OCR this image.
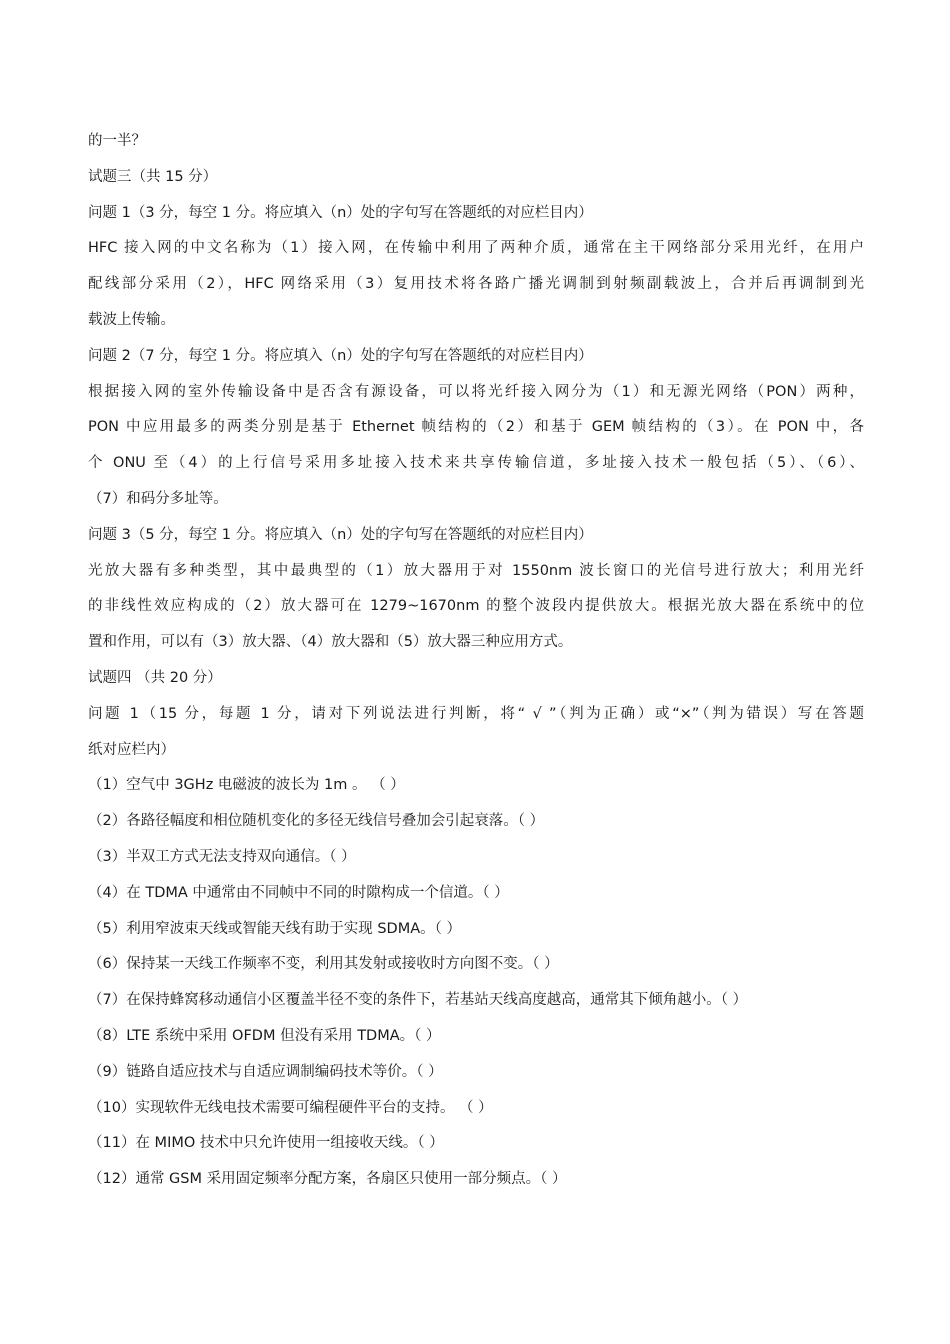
的一半？
试题三（共 15 分）
问题 1（3 分，每空 1 分。将应填入（n）处的字句写在答题纸的对应栏目内）
HFC 接入网的中文名称为（1）接入网，在传输中利用了两种介质，通常在主干网络部分采用光纤，在用户
配线部分采用（2），HFC 网络采用（3）复用技术将各路广播光调制到射频副载波上，合并后再调制到光
载波上传输。
问题 2（7 分，每空 1 分。将应填入（n）处的字句写在答题纸的对应栏目内）
根据接入网的室外传输设备中是否含有源设备，可以将光纤接入网分为（1）和无源光网络（PON）两种，
PON 中应用最多的两类分别是基于 Ethernet 帧结构的（2）和基于 GEM 帧结构的（3）。在 PON 中，各
个 ONU 至（4）的上行信号采用多址接入技术来共享传输信道，多址接入技术一般包括（5）、（6）、
（7）和码分多址等。
问题 3（5 分，每空 1 分。将应填入（n）处的字句写在答题纸的对应栏目内）
光放大器有多种类型，其中最典型的（1）放大器用于对 1550nm 波长窗口的光信号进行放大；利用光纤
的非线性效应构成的（2）放大器可在 1279~1670nm 的整个波段内提供放大。根据光放大器在系统中的位
置和作用，可以有（3）放大器、（4）放大器和（5）放大器三种应用方式。
试题四 （共 20 分）
问题 1（15 分，每题 1 分，请对下列说法进行判断，将“ √ ”（判为正确）或“×”（判为错误）写在答题
纸对应栏内）
（1）空气中 3GHz 电磁波的波长为 1m 。 （ ）
（2）各路径幅度和相位随机变化的多径无线信号叠加会引起衰落。（ ）
（3）半双工方式无法支持双向通信。（ ）
（4）在 TDMA 中通常由不同帧中不同的时隙构成一个信道。（ ）
（5）利用窄波束天线或智能天线有助于实现 SDMA。（ ）
（6）保持某一天线工作频率不变，利用其发射或接收时方向图不变。（ ）
（7）在保持蜂窝移动通信小区覆盖半径不变的条件下，若基站天线高度越高，通常其下倾角越小。（ ）
（8）LTE 系统中采用 OFDM 但没有采用 TDMA。（ ）
（9）链路自适应技术与自适应调制编码技术等价。（ ）
（10）实现软件无线电技术需要可编程硬件平台的支持。 （ ）
（11）在 MIMO 技术中只允许使用一组接收天线。（ ）
（12）通常 GSM 采用固定频率分配方案，各扇区只使用一部分频点。（ ）
